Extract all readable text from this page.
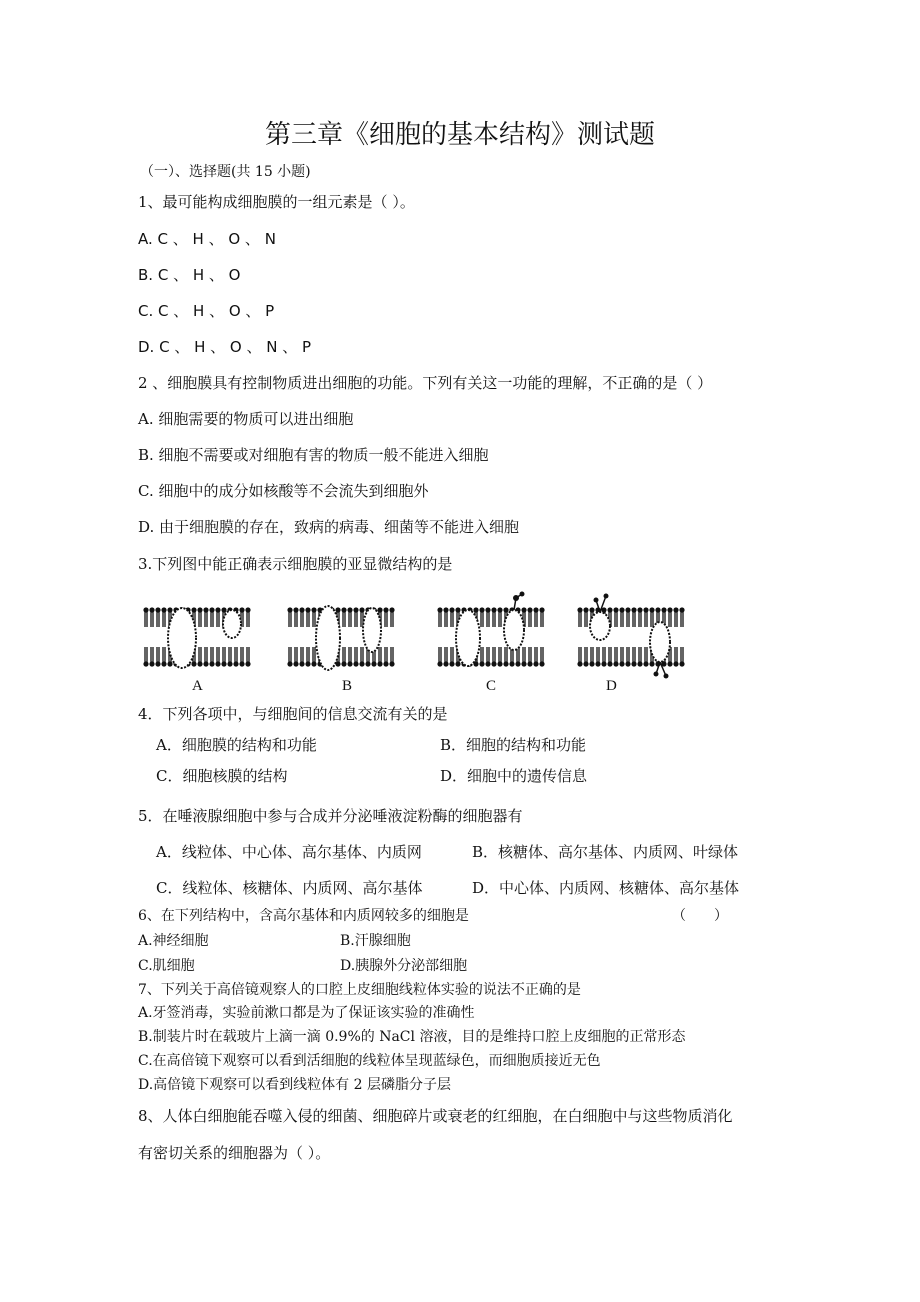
第三章《细胞的基本结构》测试题
（一）、选择题(共 15 小题)
1、最可能构成细胞膜的一组元素是（ ）。
A. C 、 H 、 O 、 N
B. C 、 H 、 O
C. C 、 H 、 O 、 P
D. C 、 H 、 O 、 N 、 P
2 、细胞膜具有控制物质进出细胞的功能。下列有关这一功能的理解，不正确的是（ ）
A. 细胞需要的物质可以进出细胞
B. 细胞不需要或对细胞有害的物质一般不能进入细胞
C. 细胞中的成分如核酸等不会流失到细胞外
D. 由于细胞膜的存在，致病的病毒、细菌等不能进入细胞
3.下列图中能正确表示细胞膜的亚显微结构的是
A	B	C	D
4．下列各项中，与细胞间的信息交流有关的是
A．细胞膜的结构和功能	B．细胞的结构和功能
C．细胞核膜的结构	D．细胞中的遗传信息
5．在唾液腺细胞中参与合成并分泌唾液淀粉酶的细胞器有
A．线粒体、中心体、高尔基体、内质网	B．核糖体、高尔基体、内质网、叶绿体
C．线粒体、核糖体、内质网、高尔基体	D．中心体、内质网、核糖体、高尔基体
6、在下列结构中，含高尔基体和内质网较多的细胞是	（　　）
A.神经细胞	B.汗腺细胞
C.肌细胞	D.胰腺外分泌部细胞
7、下列关于高倍镜观察人的口腔上皮细胞线粒体实验的说法不正确的是
A.牙签消毒，实验前漱口都是为了保证该实验的准确性
B.制装片时在载玻片上滴一滴 0.9%的 NaCl 溶液，目的是维持口腔上皮细胞的正常形态
C.在高倍镜下观察可以看到活细胞的线粒体呈现蓝绿色，而细胞质接近无色
D.高倍镜下观察可以看到线粒体有 2 层磷脂分子层
8、人体白细胞能吞噬入侵的细菌、细胞碎片或衰老的红细胞，在白细胞中与这些物质消化
有密切关系的细胞器为（ ）。
